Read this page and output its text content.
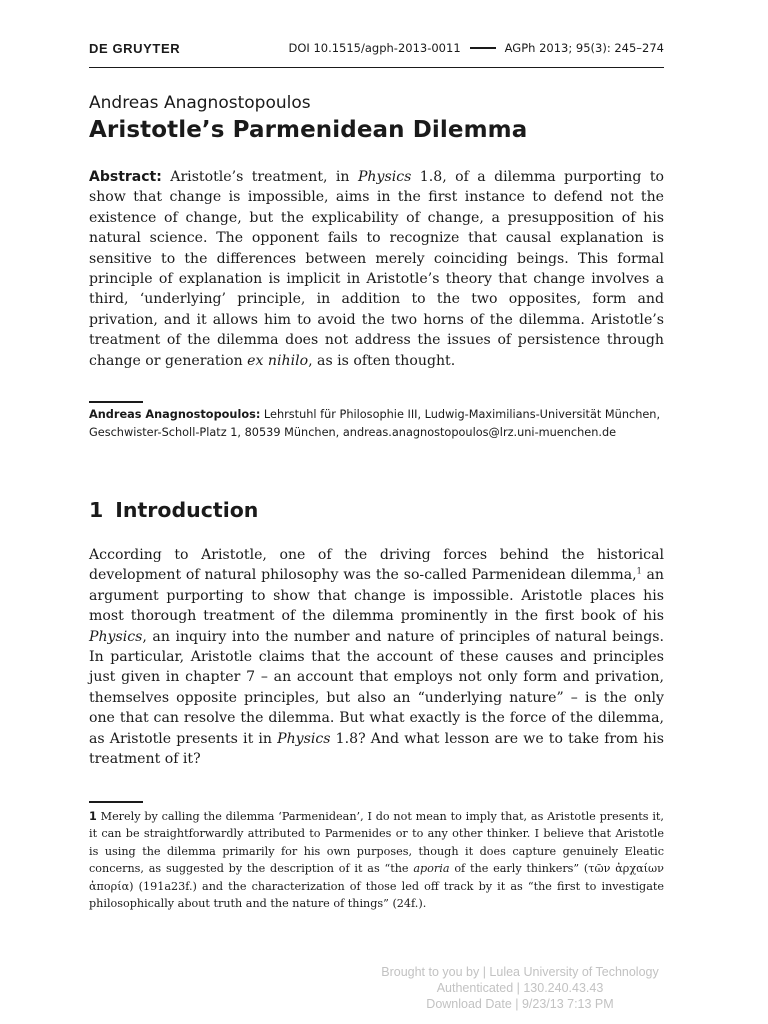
DE GRUYTER	DOI 10.1515/agph-2013-0011	AGPh 2013; 95(3): 245–274
Andreas Anagnostopoulos
Aristotle’s Parmenidean Dilemma

Abstract: Aristotle’s treatment, in Physics 1.8, of a dilemma purporting to show that change is impossible, aims in the first instance to defend not the existence of change, but the explicability of change, a presupposition of his natural science. The opponent fails to recognize that causal explanation is sensitive to the differences between merely coinciding beings. This formal principle of explanation is implicit in Aristotle’s theory that change involves a third, ‘underlying’ principle, in addition to the two opposites, form and privation, and it allows him to avoid the two horns of the dilemma. Aristotle’s treatment of the dilemma does not address the issues of persistence through change or generation ex nihilo, as is often thought.

Andreas Anagnostopoulos: Lehrstuhl für Philosophie III, Ludwig-Maximilians-Universität München, Geschwister-Scholl-Platz 1, 80539 München, andreas.anagnostopoulos@lrz.uni-muenchen.de

1 Introduction

According to Aristotle, one of the driving forces behind the historical development of natural philosophy was the so-called Parmenidean dilemma,$^1$ an argument purporting to show that change is impossible. Aristotle places his most thorough treatment of the dilemma prominently in the first book of his Physics, an inquiry into the number and nature of principles of natural beings. In particular, Aristotle claims that the account of these causes and principles just given in chapter 7 – an account that employs not only form and privation, themselves opposite principles, but also an “underlying nature” – is the only one that can resolve the dilemma. But what exactly is the force of the dilemma, as Aristotle presents it in Physics 1.8? And what lesson are we to take from his treatment of it?

1 Merely by calling the dilemma ‘Parmenidean’, I do not mean to imply that, as Aristotle presents it, it can be straightforwardly attributed to Parmenides or to any other thinker. I believe that Aristotle is using the dilemma primarily for his own purposes, though it does capture genuinely Eleatic concerns, as suggested by the description of it as “the aporia of the early thinkers” (τῶν ἀρχαίων ἀπορία) (191a23f.) and the characterization of those led off track by it as “the first to investigate philosophically about truth and the nature of things” (24f.).

Brought to you by | Lulea University of Technology
Authenticated | 130.240.43.43
Download Date | 9/23/13 7:13 PM
